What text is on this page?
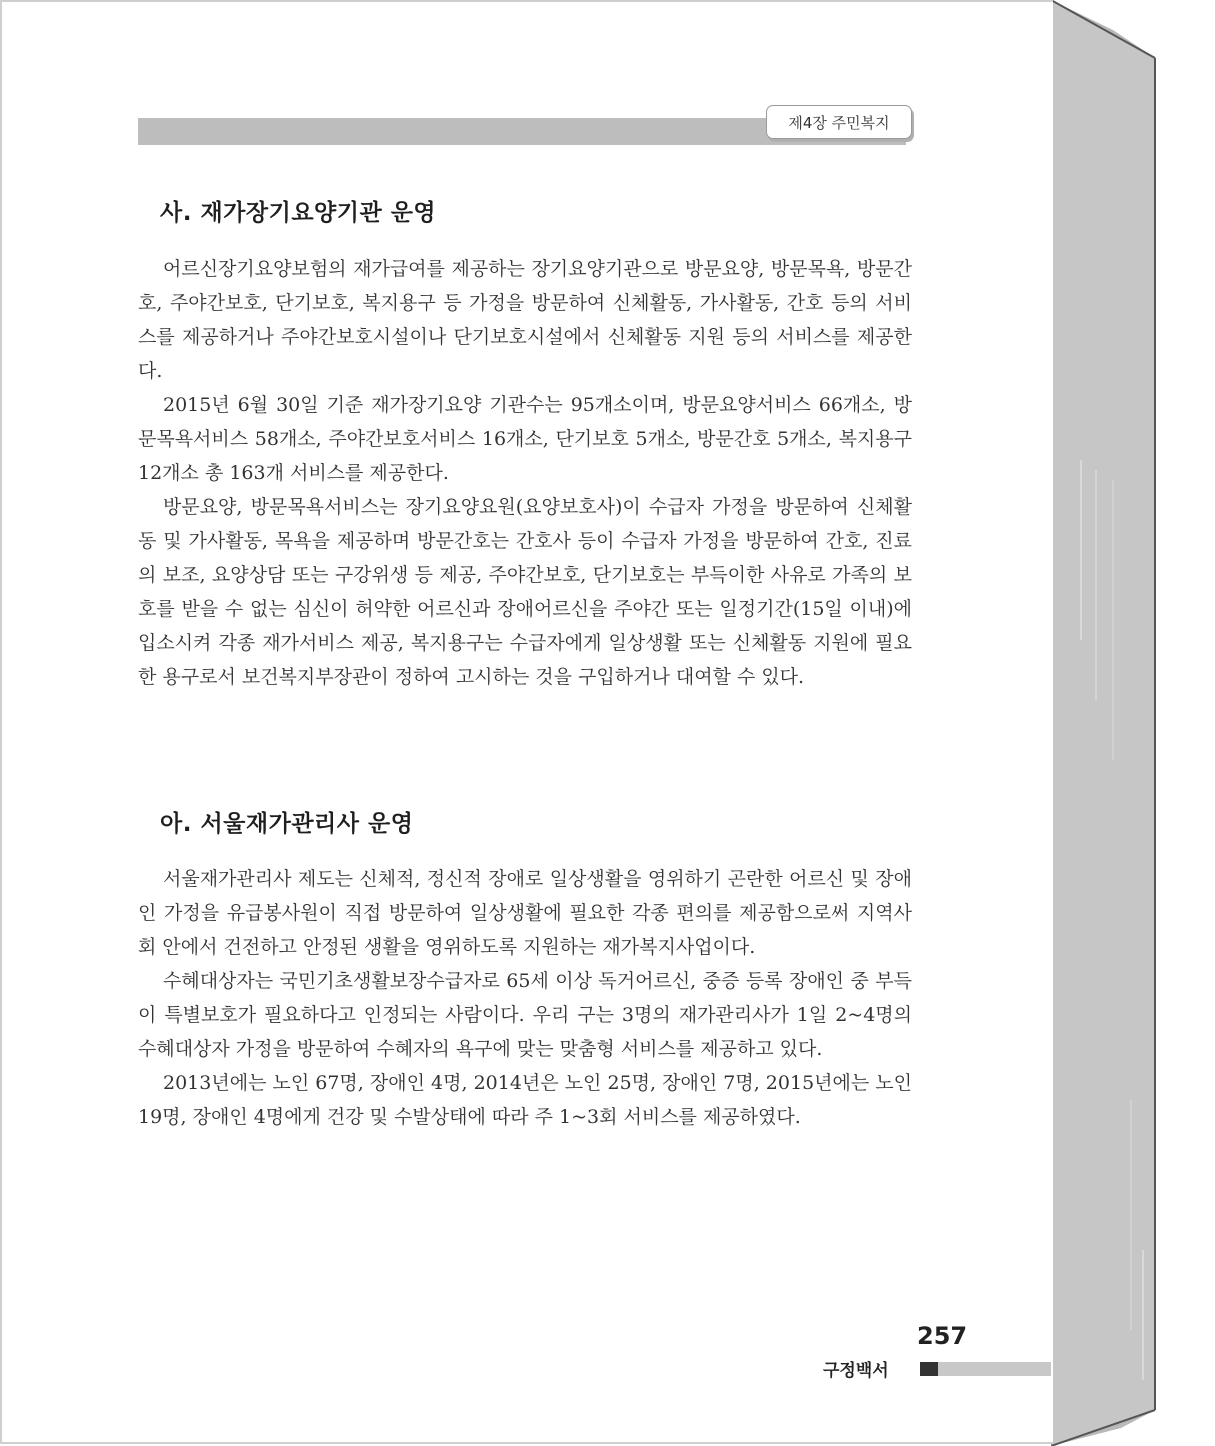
제4장 주민복지
사. 재가장기요양기관 운영

어르신장기요양보험의 재가급여를 제공하는 장기요양기관으로 방문요양, 방문목욕, 방문간호, 주야간보호, 단기보호, 복지용구 등 가정을 방문하여 신체활동, 가사활동, 간호 등의 서비스를 제공하거나 주야간보호시설이나 단기보호시설에서 신체활동 지원 등의 서비스를 제공한다.

2015년 6월 30일 기준 재가장기요양 기관수는 95개소이며, 방문요양서비스 66개소, 방문목욕서비스 58개소, 주야간보호서비스 16개소, 단기보호 5개소, 방문간호 5개소, 복지용구 12개소 총 163개 서비스를 제공한다.

방문요양, 방문목욕서비스는 장기요양요원(요양보호사)이 수급자 가정을 방문하여 신체활동 및 가사활동, 목욕을 제공하며 방문간호는 간호사 등이 수급자 가정을 방문하여 간호, 진료의 보조, 요양상담 또는 구강위생 등 제공, 주야간보호, 단기보호는 부득이한 사유로 가족의 보호를 받을 수 없는 심신이 허약한 어르신과 장애어르신을 주야간 또는 일정기간(15일 이내)에 입소시켜 각종 재가서비스 제공, 복지용구는 수급자에게 일상생활 또는 신체활동 지원에 필요한 용구로서 보건복지부장관이 정하여 고시하는 것을 구입하거나 대여할 수 있다.

아. 서울재가관리사 운영

서울재가관리사 제도는 신체적, 정신적 장애로 일상생활을 영위하기 곤란한 어르신 및 장애인 가정을 유급봉사원이 직접 방문하여 일상생활에 필요한 각종 편의를 제공함으로써 지역사회 안에서 건전하고 안정된 생활을 영위하도록 지원하는 재가복지사업이다.

수혜대상자는 국민기초생활보장수급자로 65세 이상 독거어르신, 중증 등록 장애인 중 부득이 특별보호가 필요하다고 인정되는 사람이다. 우리 구는 3명의 재가관리사가 1일 2~4명의 수혜대상자 가정을 방문하여 수혜자의 욕구에 맞는 맞춤형 서비스를 제공하고 있다.

2013년에는 노인 67명, 장애인 4명, 2014년은 노인 25명, 장애인 7명, 2015년에는 노인 19명, 장애인 4명에게 건강 및 수발상태에 따라 주 1~3회 서비스를 제공하였다.

257
구정백서
